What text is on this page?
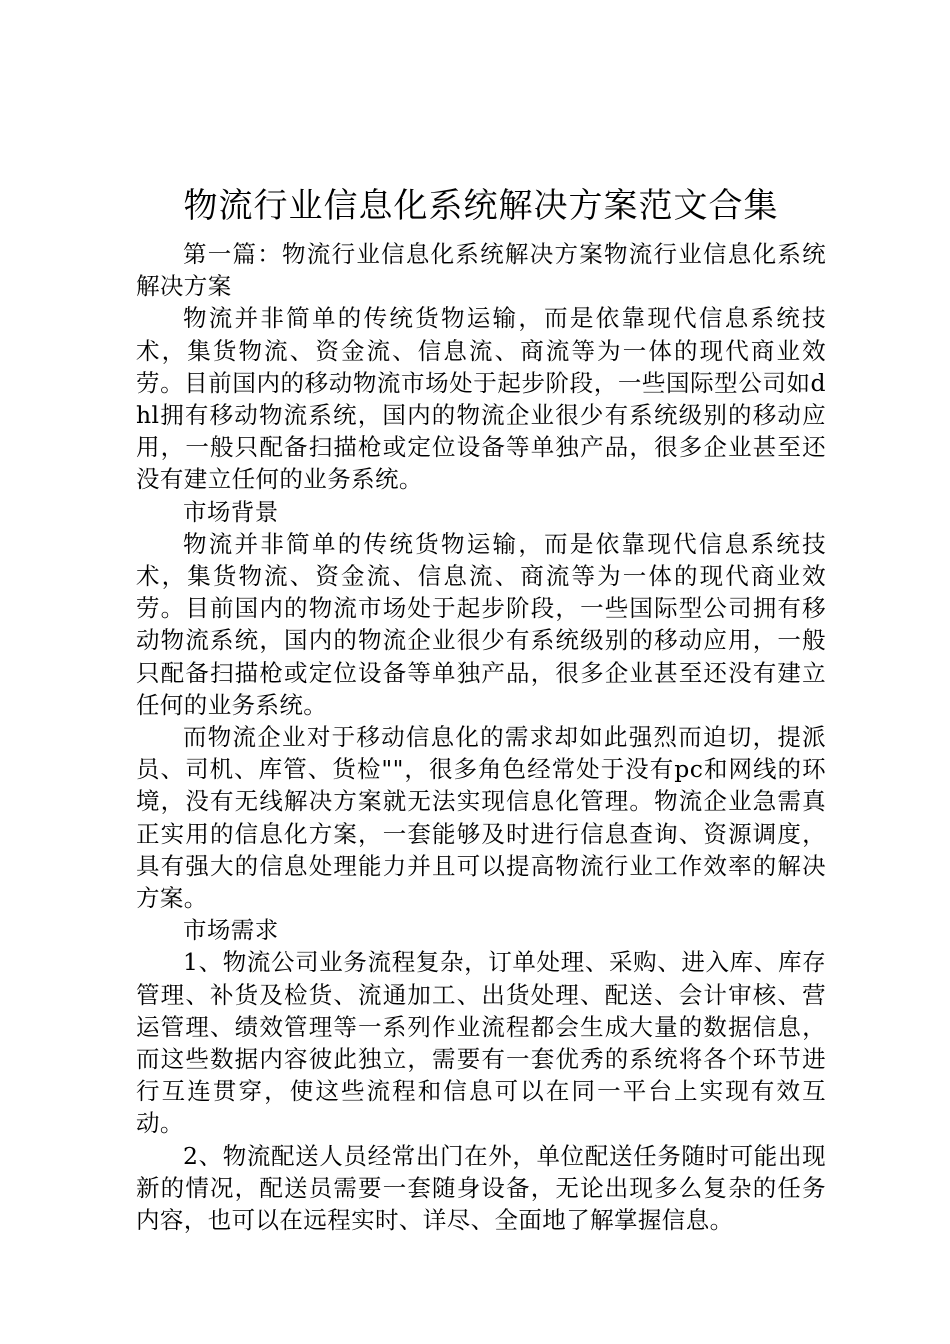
物流行业信息化系统解决方案范文合集

第一篇：物流行业信息化系统解决方案物流行业信息化系统解决方案

物流并非简单的传统货物运输，而是依靠现代信息系统技术，集货物流、资金流、信息流、商流等为一体的现代商业效劳。目前国内的移动物流市场处于起步阶段，一些国际型公司如dhl拥有移动物流系统，国内的物流企业很少有系统级别的移动应用，一般只配备扫描枪或定位设备等单独产品，很多企业甚至还没有建立任何的业务系统。

市场背景

物流并非简单的传统货物运输，而是依靠现代信息系统技术，集货物流、资金流、信息流、商流等为一体的现代商业效劳。目前国内的物流市场处于起步阶段，一些国际型公司拥有移动物流系统，国内的物流企业很少有系统级别的移动应用，一般只配备扫描枪或定位设备等单独产品，很多企业甚至还没有建立任何的业务系统。

而物流企业对于移动信息化的需求却如此强烈而迫切，提派员、司机、库管、货检""，很多角色经常处于没有pc和网线的环境，没有无线解决方案就无法实现信息化管理。物流企业急需真正实用的信息化方案，一套能够及时进行信息查询、资源调度，具有强大的信息处理能力并且可以提高物流行业工作效率的解决方案。

市场需求

1、物流公司业务流程复杂，订单处理、采购、进入库、库存管理、补货及检货、流通加工、出货处理、配送、会计审核、营运管理、绩效管理等一系列作业流程都会生成大量的数据信息，而这些数据内容彼此独立，需要有一套优秀的系统将各个环节进行互连贯穿，使这些流程和信息可以在同一平台上实现有效互动。

2、物流配送人员经常出门在外，单位配送任务随时可能出现新的情况，配送员需要一套随身设备，无论出现多么复杂的任务内容，也可以在远程实时、详尽、全面地了解掌握信息。
